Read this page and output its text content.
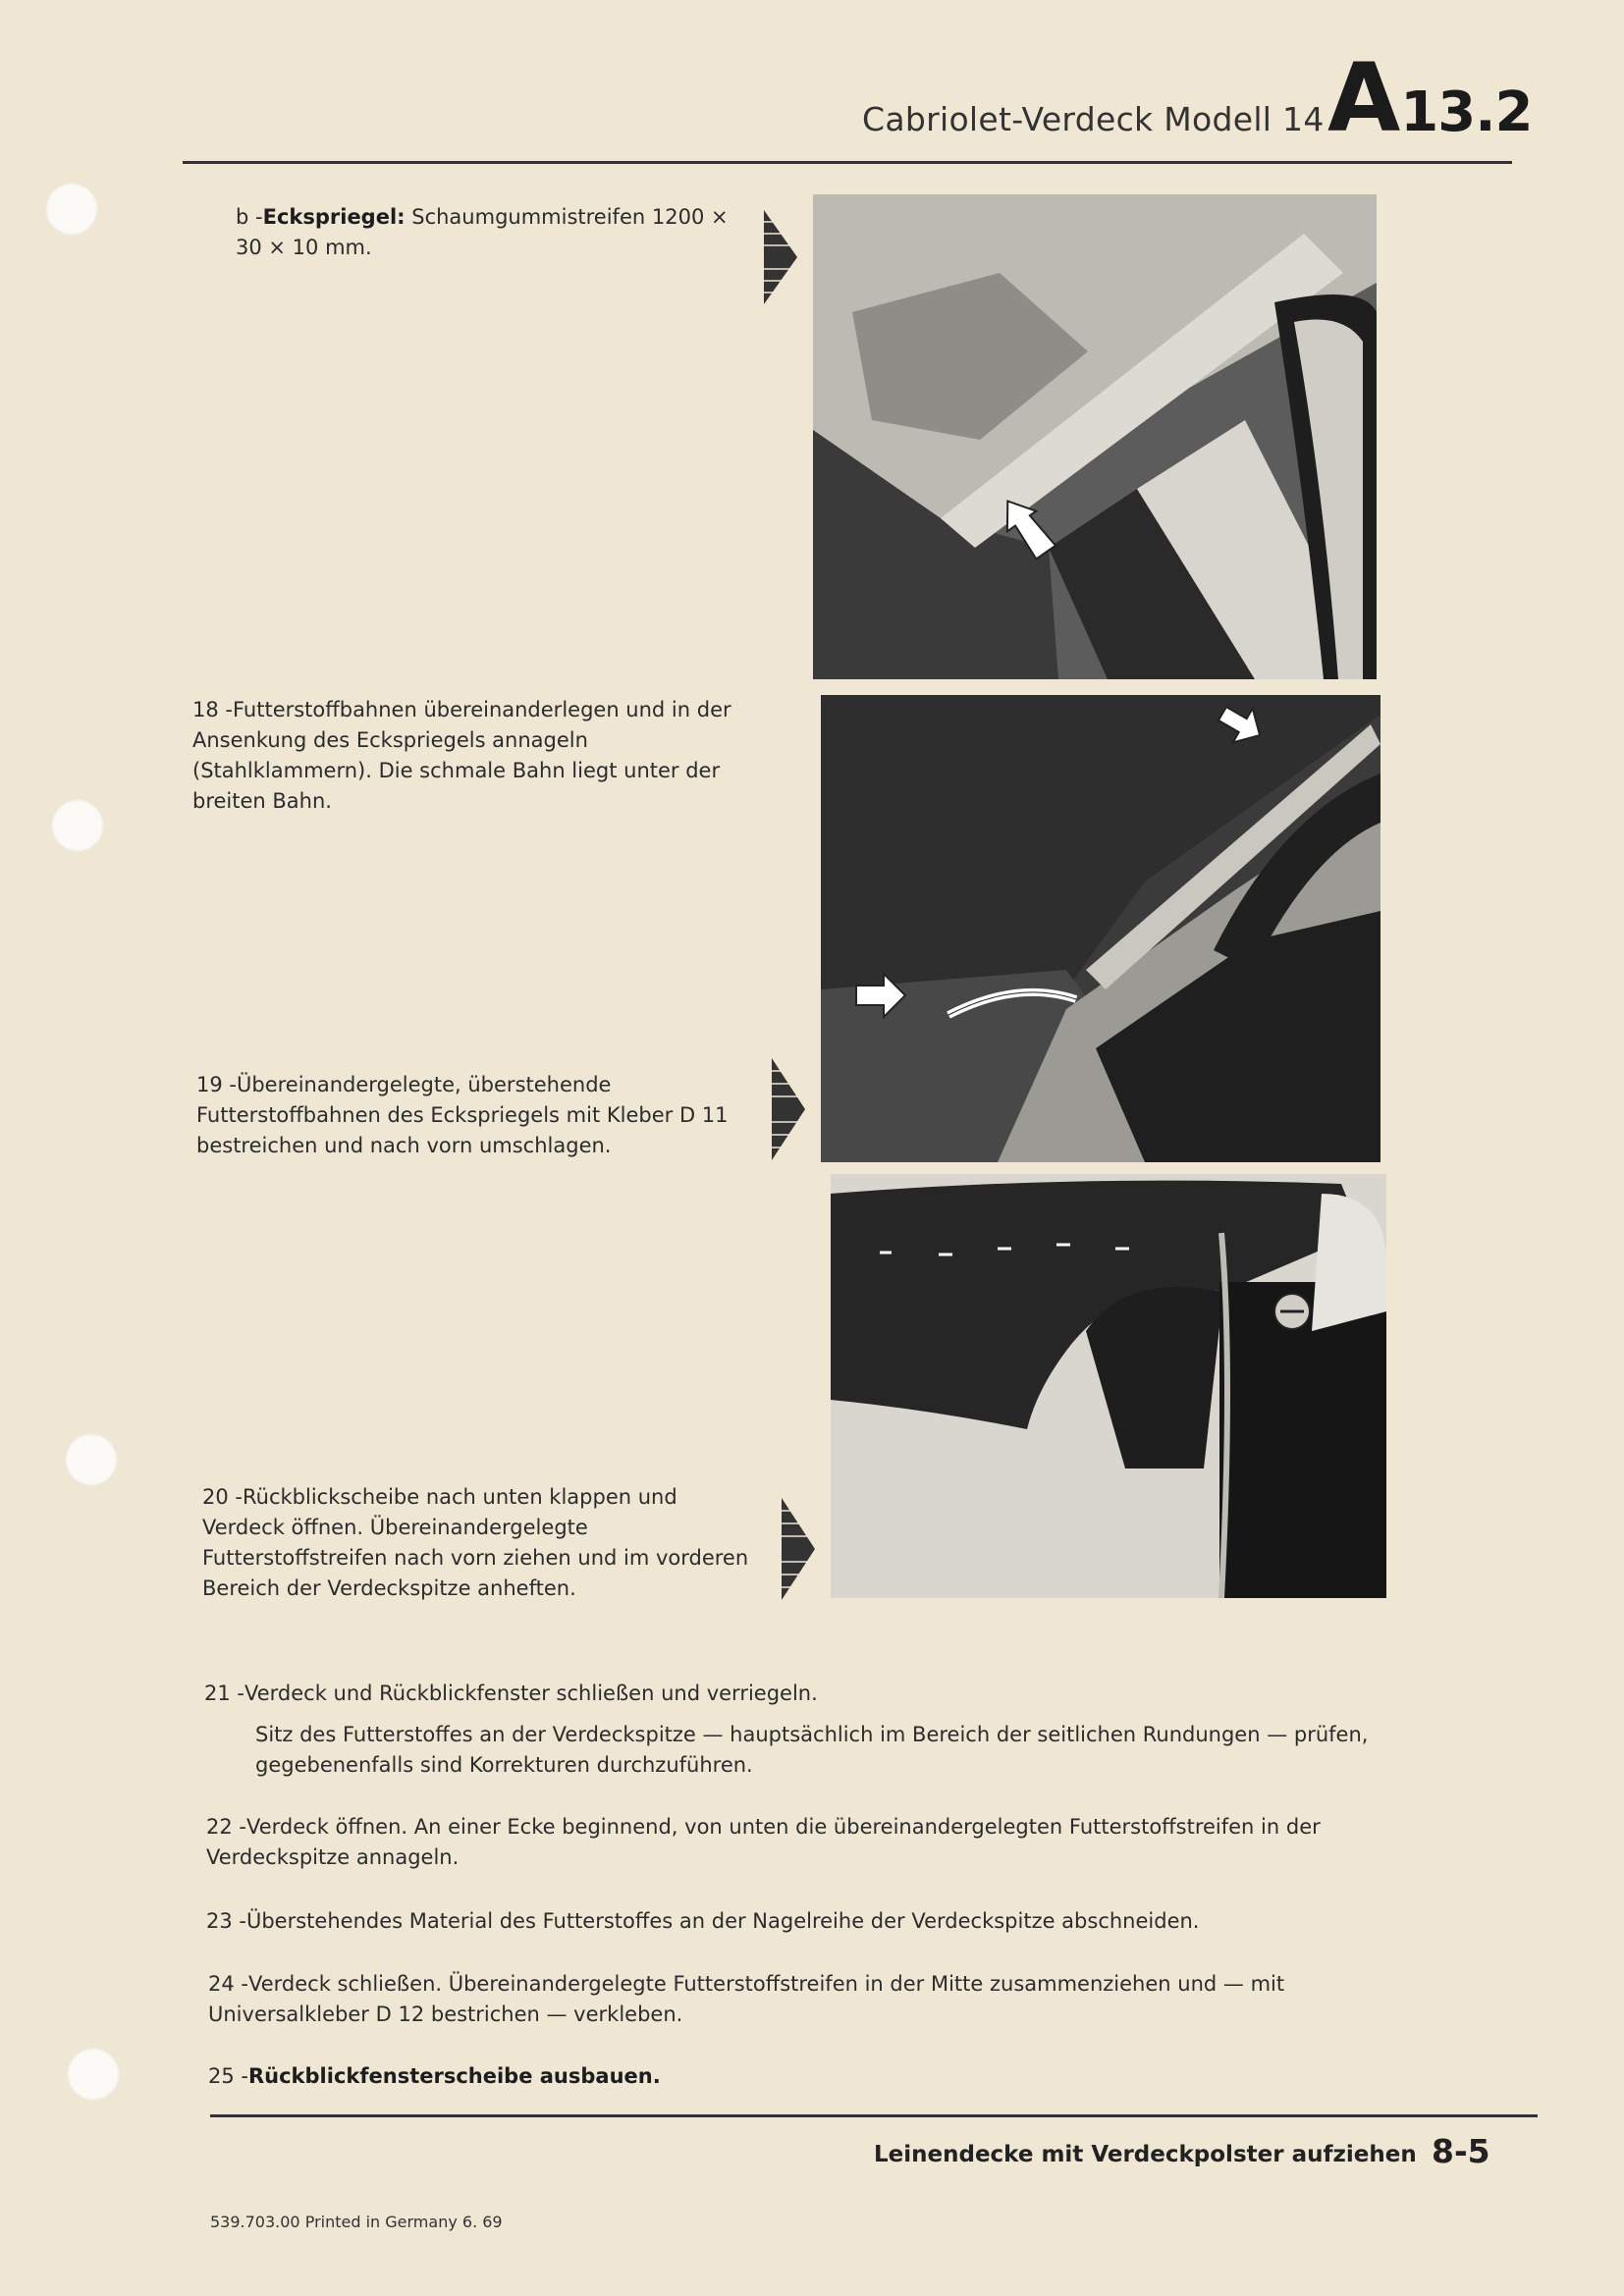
Cabriolet-Verdeck Modell 14 A13.2
b -Eckspriegel: Schaumgummistreifen 1200 × 30 × 10 mm.
18 -Futterstoffbahnen übereinanderlegen und in der Ansenkung des Eckspriegels annageln (Stahlklammern). Die schmale Bahn liegt unter der breiten Bahn.
19 -Übereinandergelegte, überstehende Futterstoffbahnen des Eckspriegels mit Kleber D 11 bestreichen und nach vorn umschlagen.
20 -Rückblickscheibe nach unten klappen und Verdeck öffnen. Übereinandergelegte Futterstoffstreifen nach vorn ziehen und im vorderen Bereich der Verdeckspitze anheften.
21 -Verdeck und Rückblickfenster schließen und verriegeln.
Sitz des Futterstoffes an der Verdeckspitze — hauptsächlich im Bereich der seitlichen Rundungen — prüfen, gegebenenfalls sind Korrekturen durchzuführen.
22 -Verdeck öffnen. An einer Ecke beginnend, von unten die übereinandergelegten Futterstoffstreifen in der Verdeckspitze annageln.
23 -Überstehendes Material des Futterstoffes an der Nagelreihe der Verdeckspitze abschneiden.
24 -Verdeck schließen. Übereinandergelegte Futterstoffstreifen in der Mitte zusammenziehen und — mit Universalkleber D 12 bestrichen — verkleben.
25 -Rückblickfensterscheibe ausbauen.
Leinendecke mit Verdeckpolster aufziehen 8-5
539.703.00 Printed in Germany 6. 69
